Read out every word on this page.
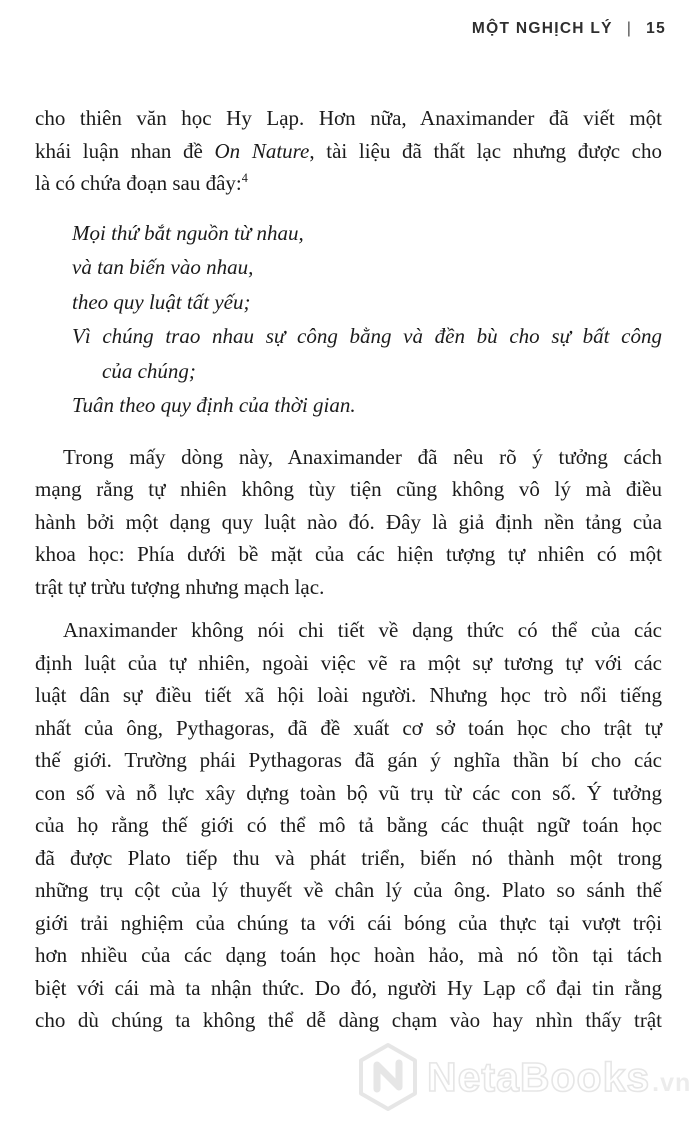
MỘT NGHỊCH LÝ | 15
cho thiên văn học Hy Lạp. Hơn nữa, Anaximander đã viết một
khái luận nhan đề On Nature, tài liệu đã thất lạc nhưng được cho
là có chứa đoạn sau đây:$^4$
Mọi thứ bắt nguồn từ nhau,
và tan biến vào nhau,
theo quy luật tất yếu;
Vì chúng trao nhau sự công bằng và đền bù cho sự bất công
của chúng;
Tuân theo quy định của thời gian.
Trong mấy dòng này, Anaximander đã nêu rõ ý tưởng cách
mạng rằng tự nhiên không tùy tiện cũng không vô lý mà điều
hành bởi một dạng quy luật nào đó. Đây là giả định nền tảng của
khoa học: Phía dưới bề mặt của các hiện tượng tự nhiên có một
trật tự trừu tượng nhưng mạch lạc.
Anaximander không nói chi tiết về dạng thức có thể của các
định luật của tự nhiên, ngoài việc vẽ ra một sự tương tự với các
luật dân sự điều tiết xã hội loài người. Nhưng học trò nổi tiếng
nhất của ông, Pythagoras, đã đề xuất cơ sở toán học cho trật tự
thế giới. Trường phái Pythagoras đã gán ý nghĩa thần bí cho các
con số và nỗ lực xây dựng toàn bộ vũ trụ từ các con số. Ý tưởng
của họ rằng thế giới có thể mô tả bằng các thuật ngữ toán học
đã được Plato tiếp thu và phát triển, biến nó thành một trong
những trụ cột của lý thuyết về chân lý của ông. Plato so sánh thế
giới trải nghiệm của chúng ta với cái bóng của thực tại vượt trội
hơn nhiều của các dạng toán học hoàn hảo, mà nó tồn tại tách
biệt với cái mà ta nhận thức. Do đó, người Hy Lạp cổ đại tin rằng
cho dù chúng ta không thể dễ dàng chạm vào hay nhìn thấy trật
NetaBooks.vn
